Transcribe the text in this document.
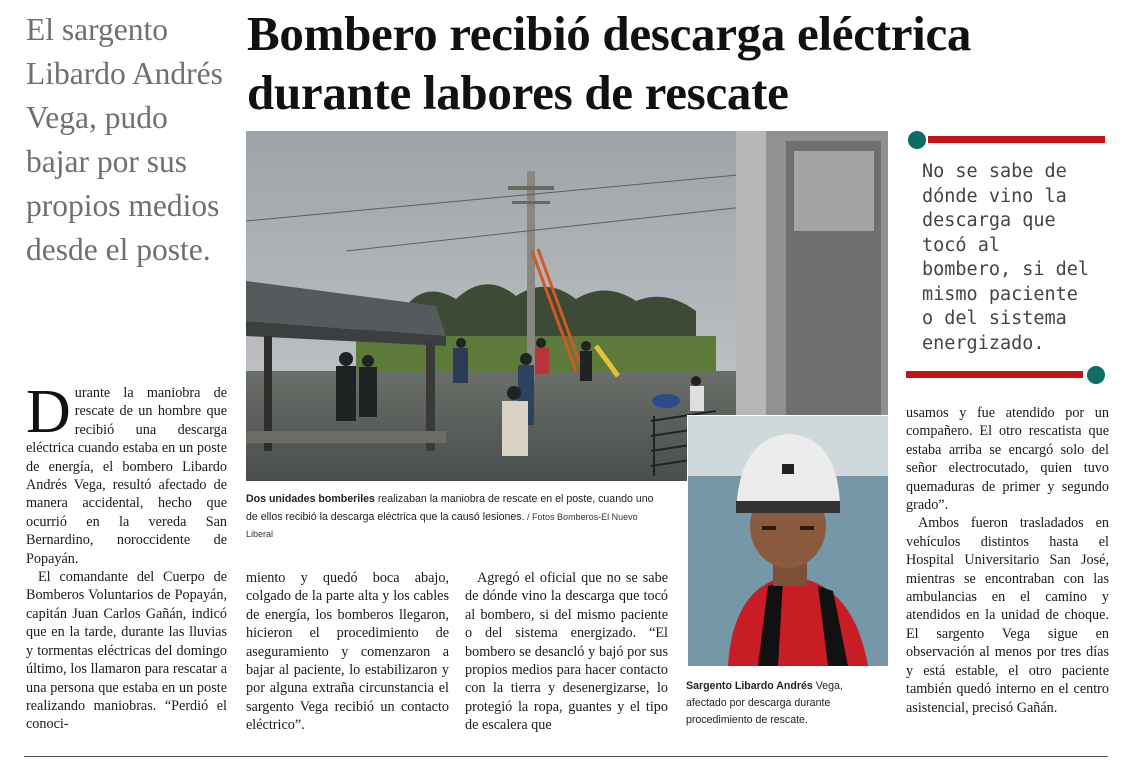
El sargento Libardo Andrés Vega, pudo bajar por sus propios medios desde el poste.
Bombero recibió descarga eléctrica durante labores de rescate
Dos unidades bomberiles realizaban la maniobra de rescate en el poste, cuando uno de ellos recibió la descarga eléctrica que la causó lesiones. / Fotos Bomberos-El Nuevo Liberal
Sargento Libardo Andrés Vega, afectado por descarga durante procedimiento de rescate.
No se sabe de dónde vino la descarga que tocó al bombero, si del mismo paciente o del sistema energizado.

Durante la maniobra de rescate de un hombre que recibió una descarga eléctrica cuando estaba en un poste de energía, el bombero Libardo Andrés Vega, resultó afectado de manera accidental, hecho que ocurrió en la vereda San Bernardino, noroccidente de Popayán.

El comandante del Cuerpo de Bomberos Voluntarios de Popayán, capitán Juan Carlos Gañán, indicó que en la tarde, durante las lluvias y tormentas eléctricas del domingo último, los llamaron para rescatar a una persona que estaba en un poste realizando maniobras. “Perdió el conoci-

miento y quedó boca abajo, colgado de la parte alta y los cables de energía, los bomberos llegaron, hicieron el procedimiento de aseguramiento y comenzaron a bajar al paciente, lo estabilizaron y por alguna extraña circunstancia el sargento Vega recibió un contacto eléctrico”.

Agregó el oficial que no se sabe de dónde vino la descarga que tocó al bombero, si del mismo paciente o del sistema energizado. “El bombero se desancló y bajó por sus propios medios para hacer contacto con la tierra y desenergizarse, lo protegió la ropa, guantes y el tipo de escalera que

usamos y fue atendido por un compañero. El otro rescatista que estaba arriba se encargó solo del señor electrocutado, quien tuvo quemaduras de primer y segundo grado”.

Ambos fueron trasladados en vehículos distintos hasta el Hospital Universitario San José, mientras se encontraban con las ambulancias en el camino y atendidos en la unidad de choque. El sargento Vega sigue en observación al menos por tres días y está estable, el otro paciente también quedó interno en el centro asistencial, precisó Gañán.
